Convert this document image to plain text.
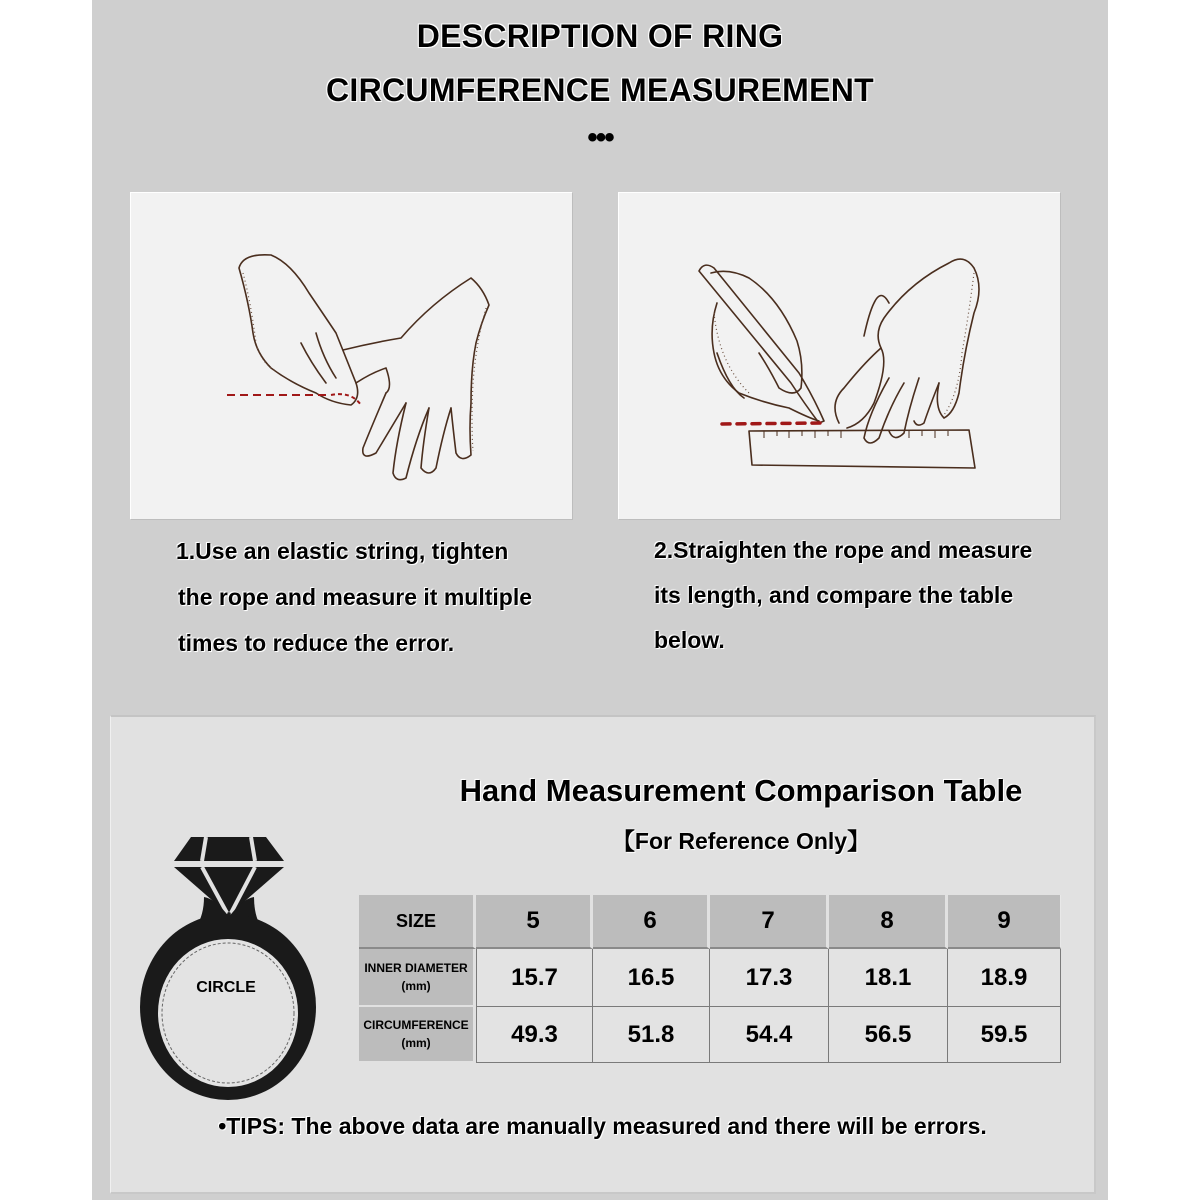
DESCRIPTION OF RING
CIRCUMFERENCE MEASUREMENT
•••
1.Use an elastic string, tighten
the rope and measure it multiple
times to reduce the error.
2.Straighten the rope and measure
its length, and compare the table
below.
Hand Measurement Comparison Table
【For Reference Only】
CIRCLE
SIZE	5	6	7	8	9

INNER DIAMETER
(mm)	15.7	16.5	17.3	18.1	18.9

CIRCUMFERENCE
(mm)	49.3	51.8	54.4	56.5	59.5
•TIPS: The above data are manually measured and there will be errors.
